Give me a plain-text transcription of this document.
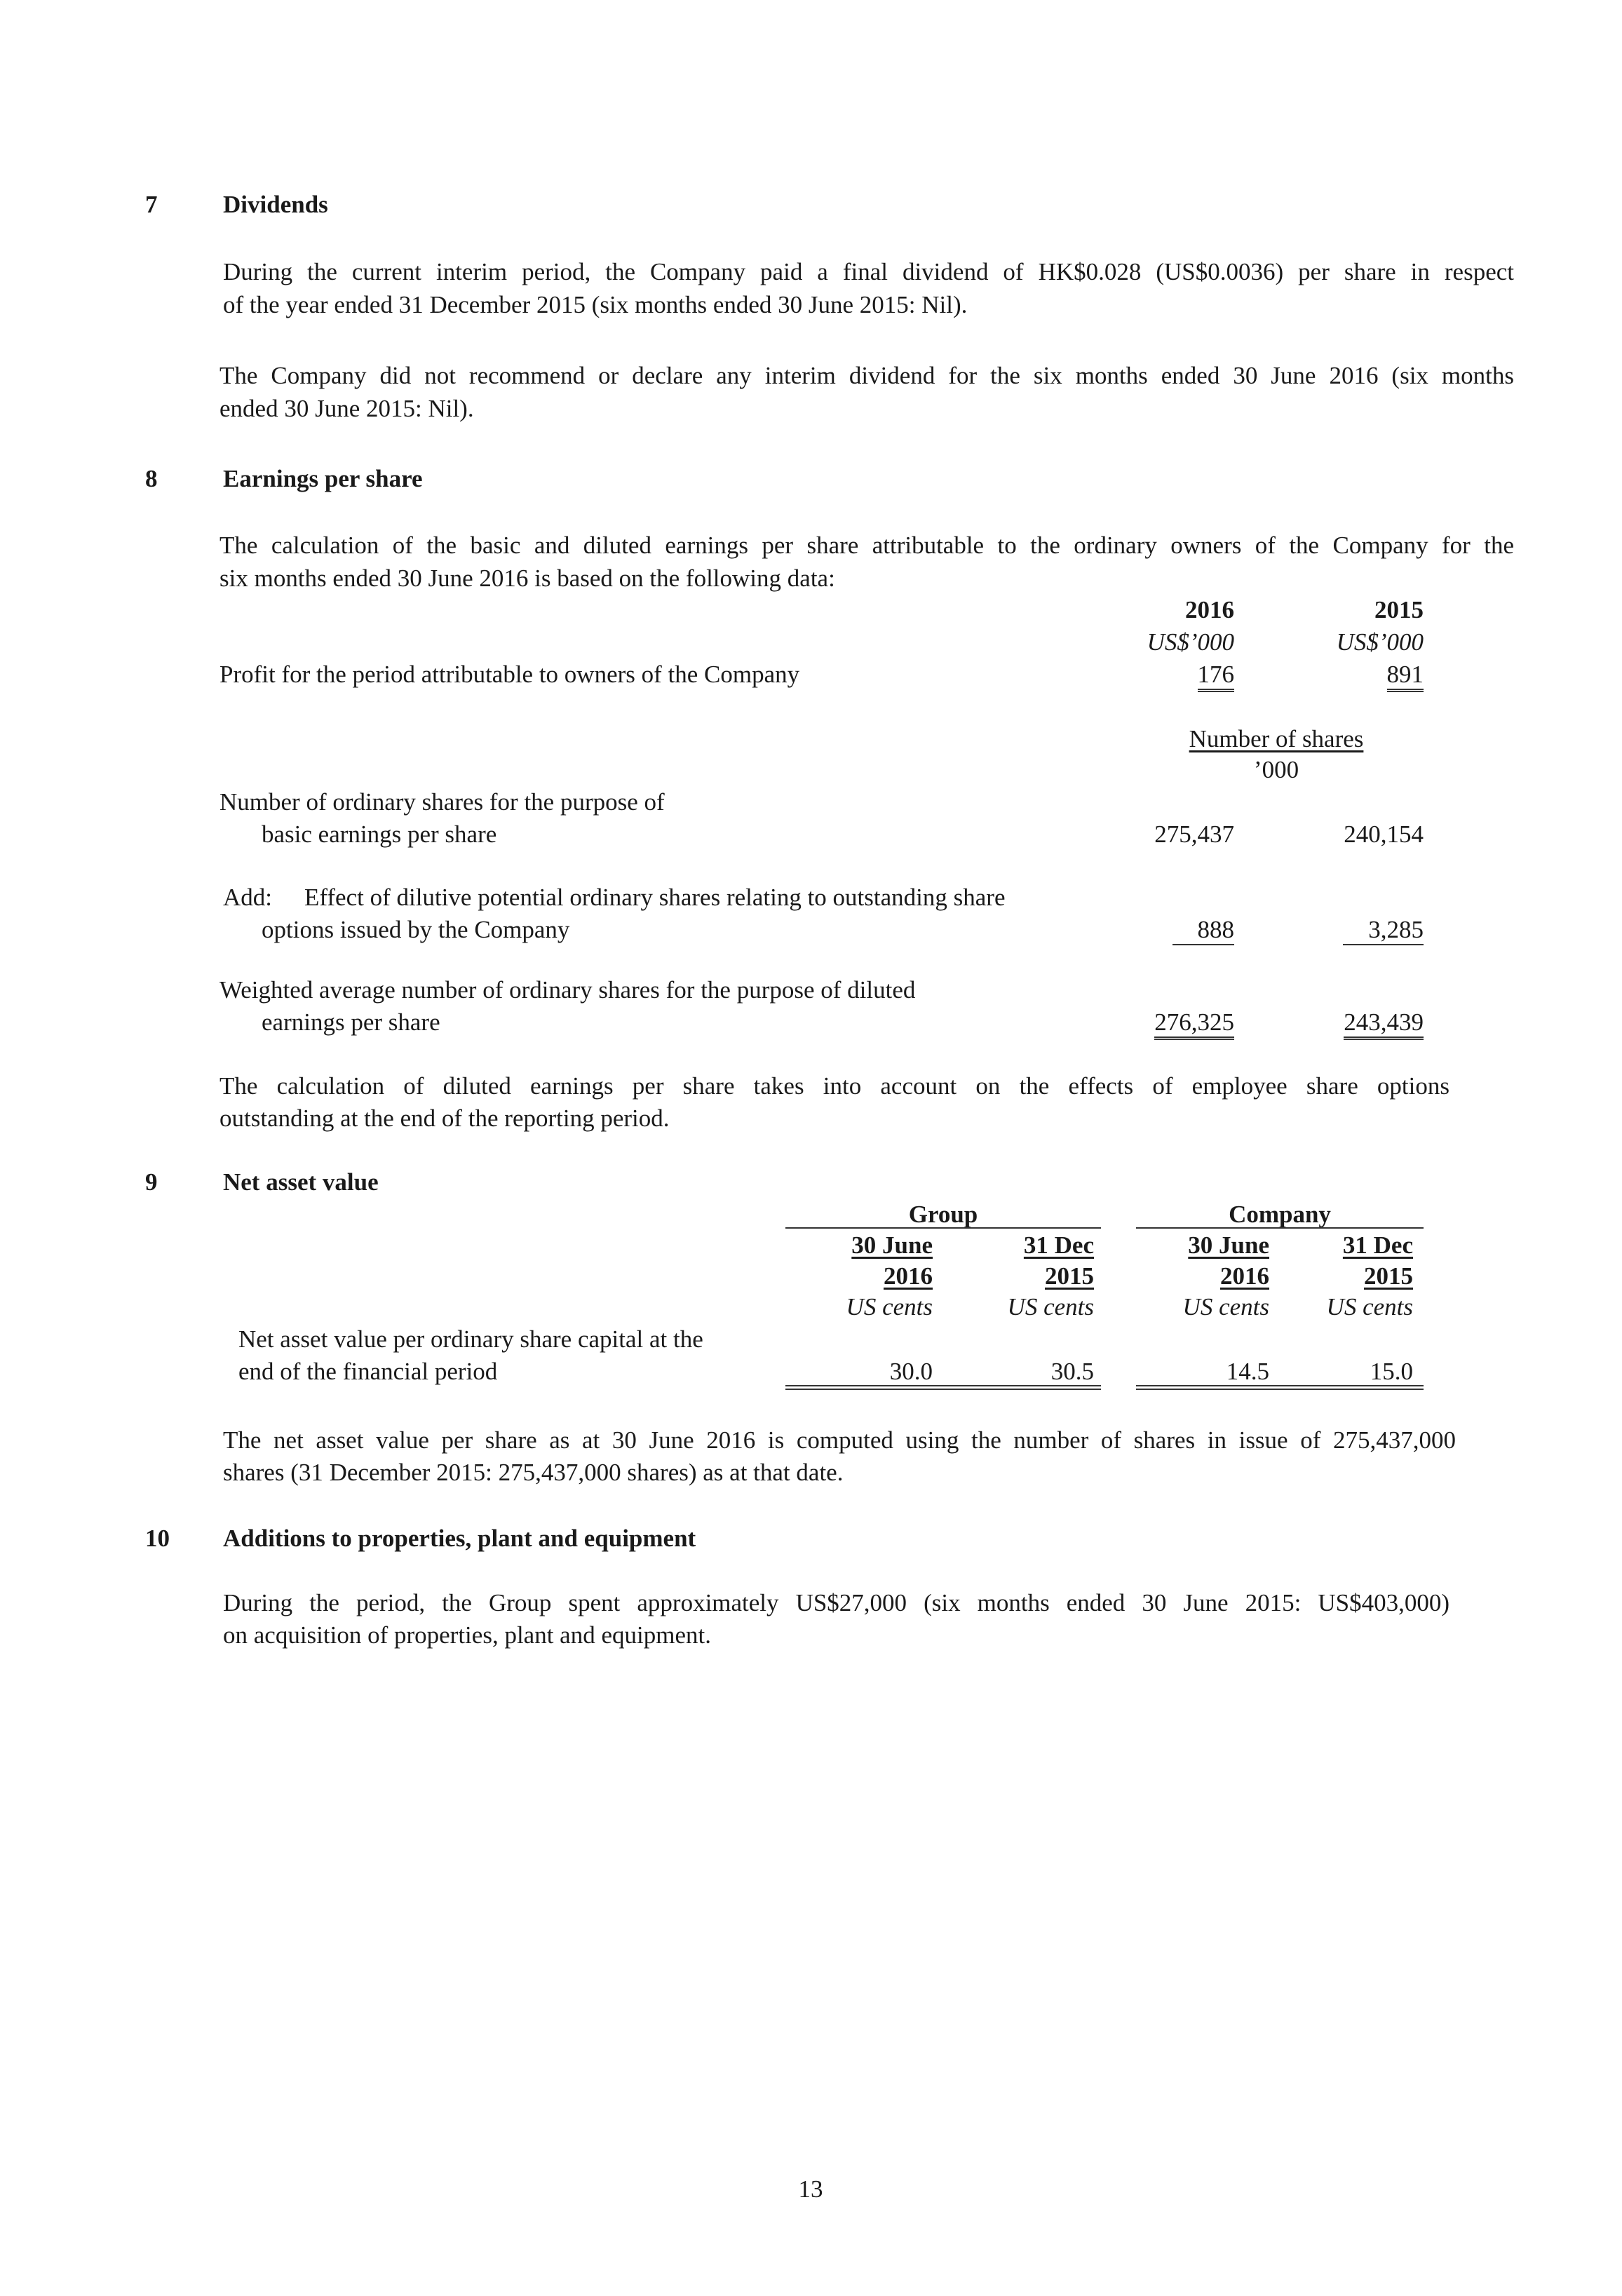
7	Dividends
During the current interim period, the Company paid a final dividend of HK$0.028 (US$0.0036) per share in respect
of the year ended 31 December 2015 (six months ended 30 June 2015: Nil).
The Company did not recommend or declare any interim dividend for the six months ended 30 June 2016 (six months
ended 30 June 2015: Nil).
8	Earnings per share
The calculation of the basic and diluted earnings per share attributable to the ordinary owners of the Company for the
six months ended 30 June 2016 is based on the following data:
2016	2015
US$’000	US$’000
Profit for the period attributable to owners of the Company	176	891
Number of shares
’000
Number of ordinary shares for the purpose of
basic earnings per share	275,437	240,154
Add: Effect of dilutive potential ordinary shares relating to outstanding share
options issued by the Company	888	3,285
Weighted average number of ordinary shares for the purpose of diluted
earnings per share	276,325	243,439
The calculation of diluted earnings per share takes into account on the effects of employee share options
outstanding at the end of the reporting period.
9	Net asset value
Group	Company
30 June	31 Dec	30 June	31 Dec
2016	2015	2016	2015
US cents	US cents	US cents	US cents
Net asset value per ordinary share capital at the
end of the financial period	30.0	30.5	14.5	15.0
The net asset value per share as at 30 June 2016 is computed using the number of shares in issue of 275,437,000
shares (31 December 2015: 275,437,000 shares) as at that date.
10 Additions to properties, plant and equipment
During the period, the Group spent approximately US$27,000 (six months ended 30 June 2015: US$403,000)
on acquisition of properties, plant and equipment.
13
